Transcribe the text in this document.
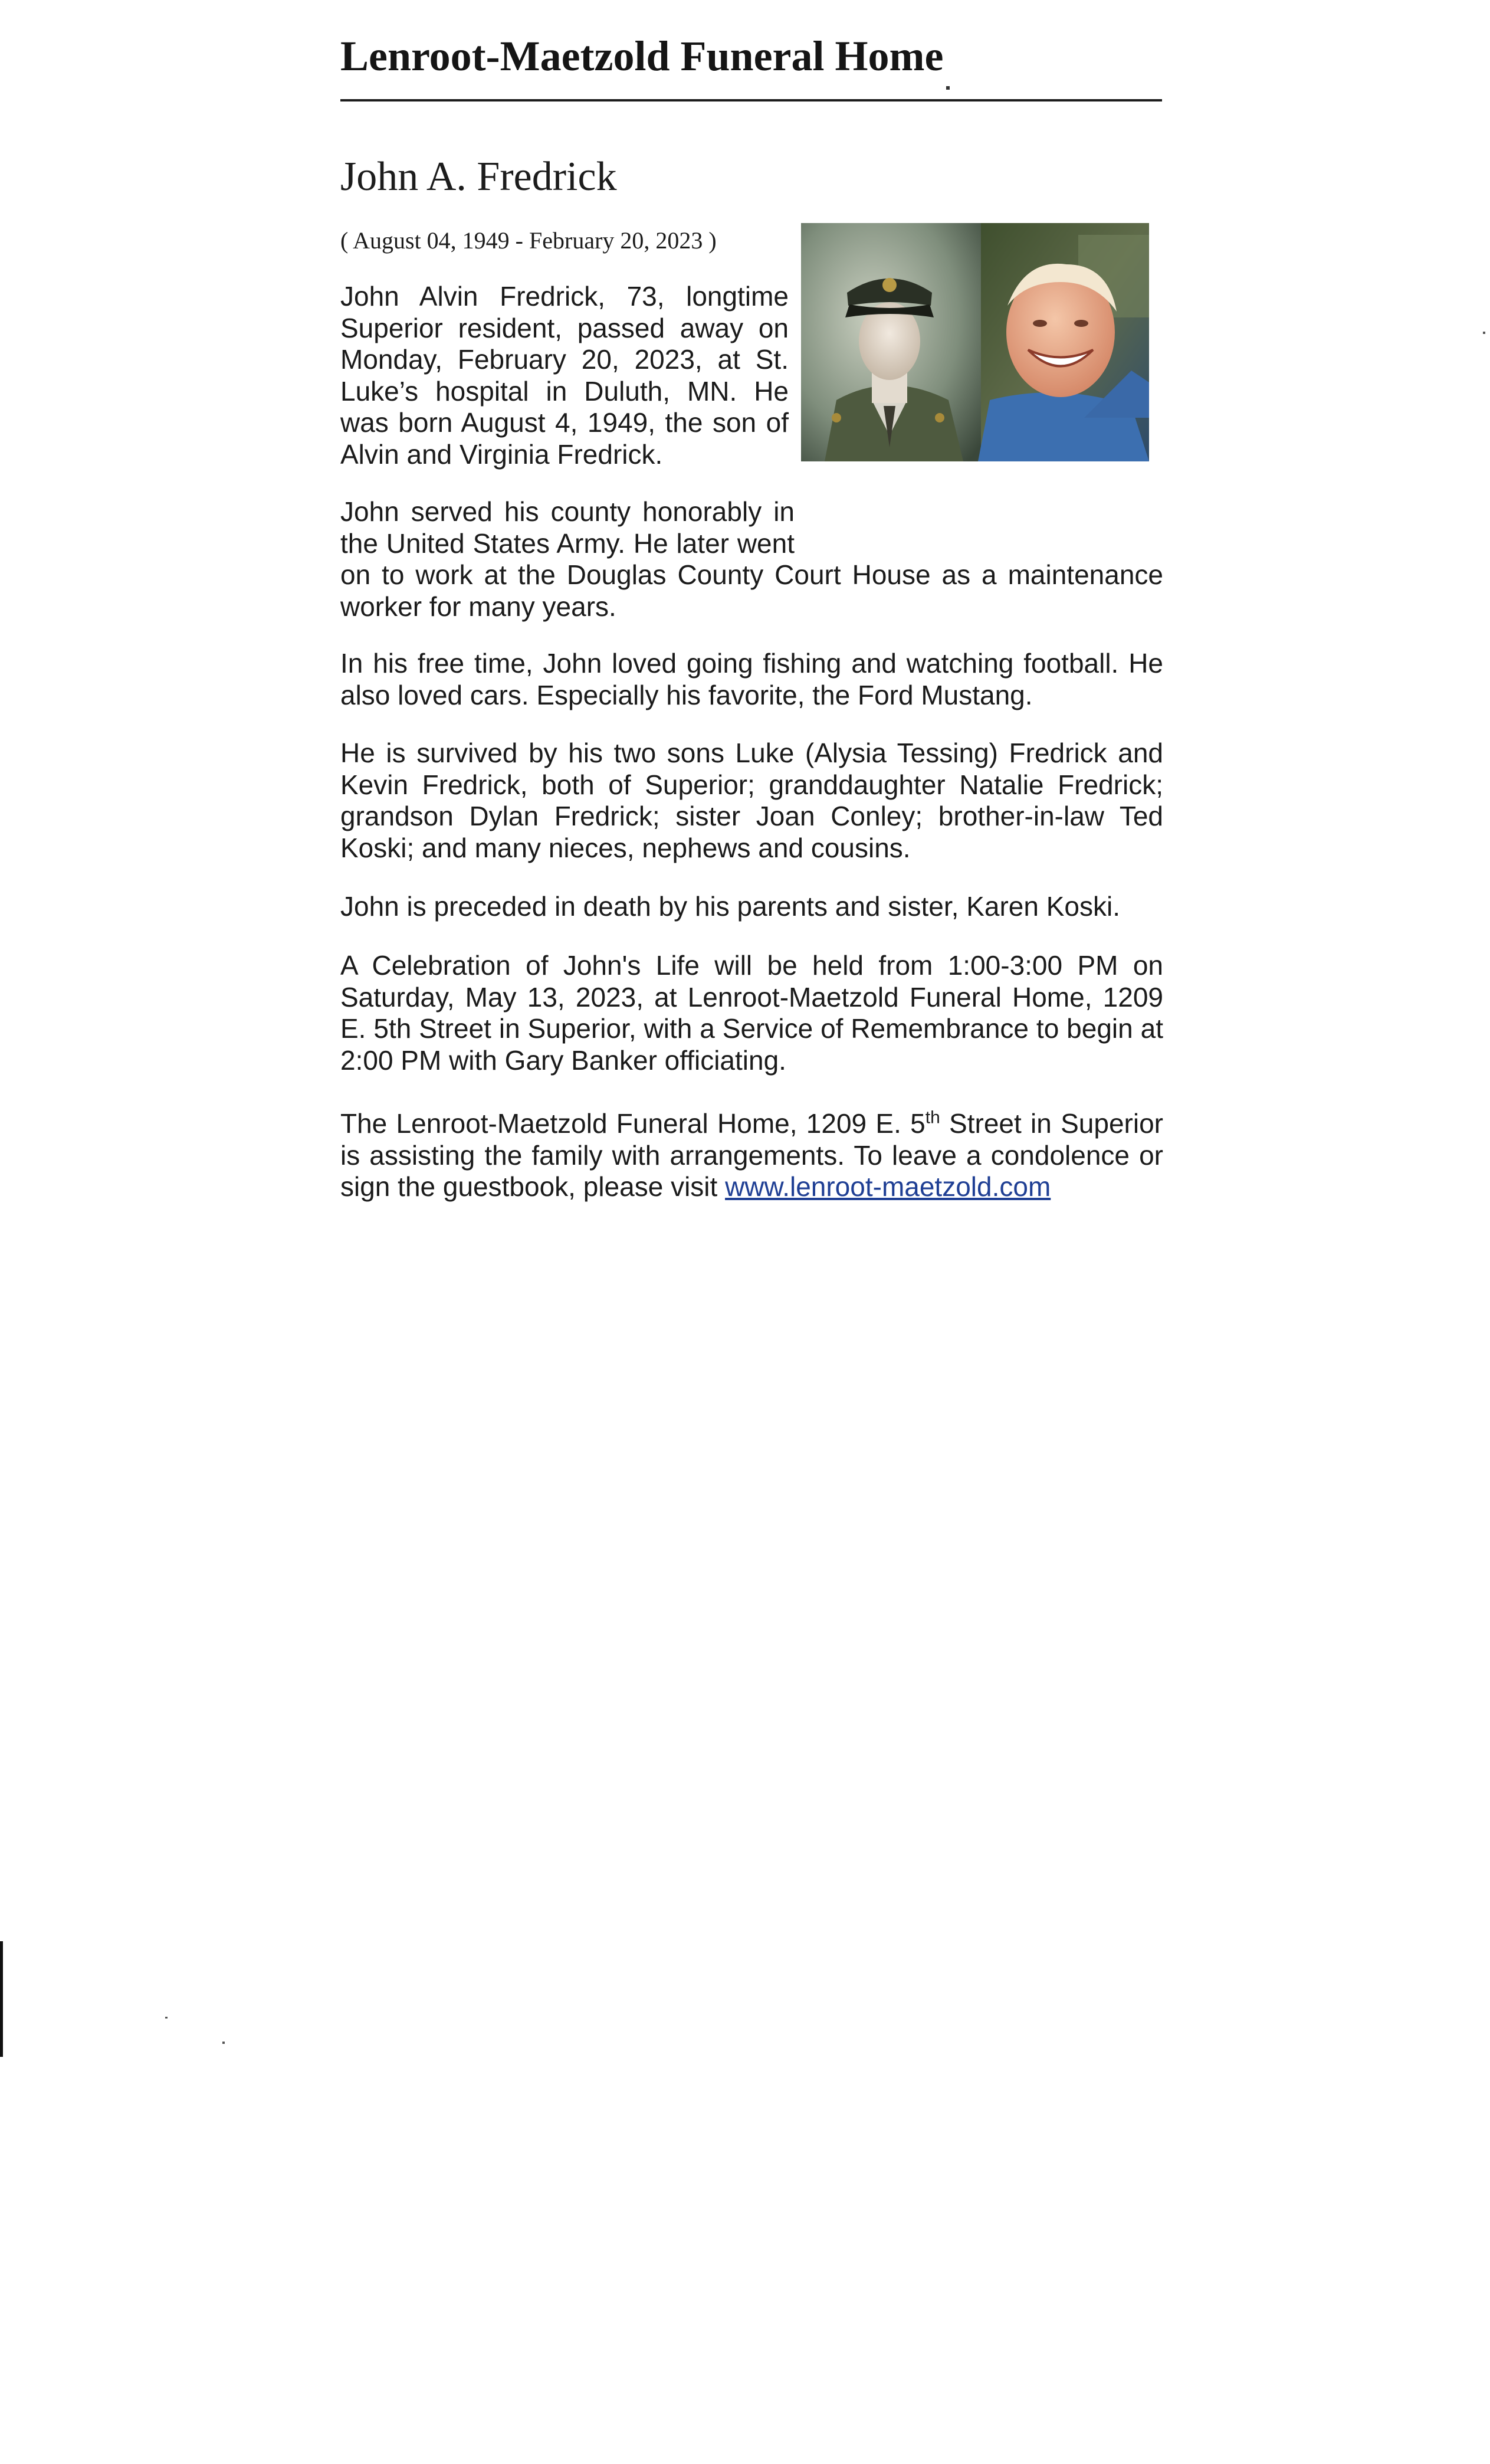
Lenroot-Maetzold Funeral Home
John A. Fredrick
( August 04, 1949 - February 20, 2023 )
John Alvin Fredrick, 73, longtime Superior resident, passed away on Monday, February 20, 2023, at St. Luke’s hospital in Duluth, MN. He was born August 4, 1949, the son of Alvin and Virginia Fredrick.
John served his county honorably in the United States Army. He later went on to work at the Douglas County Court House as a maintenance worker for many years.
In his free time, John loved going fishing and watching football. He also loved cars. Especially his favorite, the Ford Mustang.
He is survived by his two sons Luke (Alysia Tessing) Fredrick and Kevin Fredrick, both of Superior; granddaughter Natalie Fredrick; grandson Dylan Fredrick; sister Joan Conley; brother-in-law Ted Koski; and many nieces, nephews and cousins.
John is preceded in death by his parents and sister, Karen Koski.
A Celebration of John's Life will be held from 1:00-3:00 PM on Saturday, May 13, 2023, at Lenroot-Maetzold Funeral Home, 1209 E. 5th Street in Superior, with a Service of Remembrance to begin at 2:00 PM with Gary Banker officiating.
The Lenroot-Maetzold Funeral Home, 1209 E. 5th Street in Superior is assisting the family with arrangements. To leave a condolence or sign the guestbook, please visit www.lenroot-maetzold.com
